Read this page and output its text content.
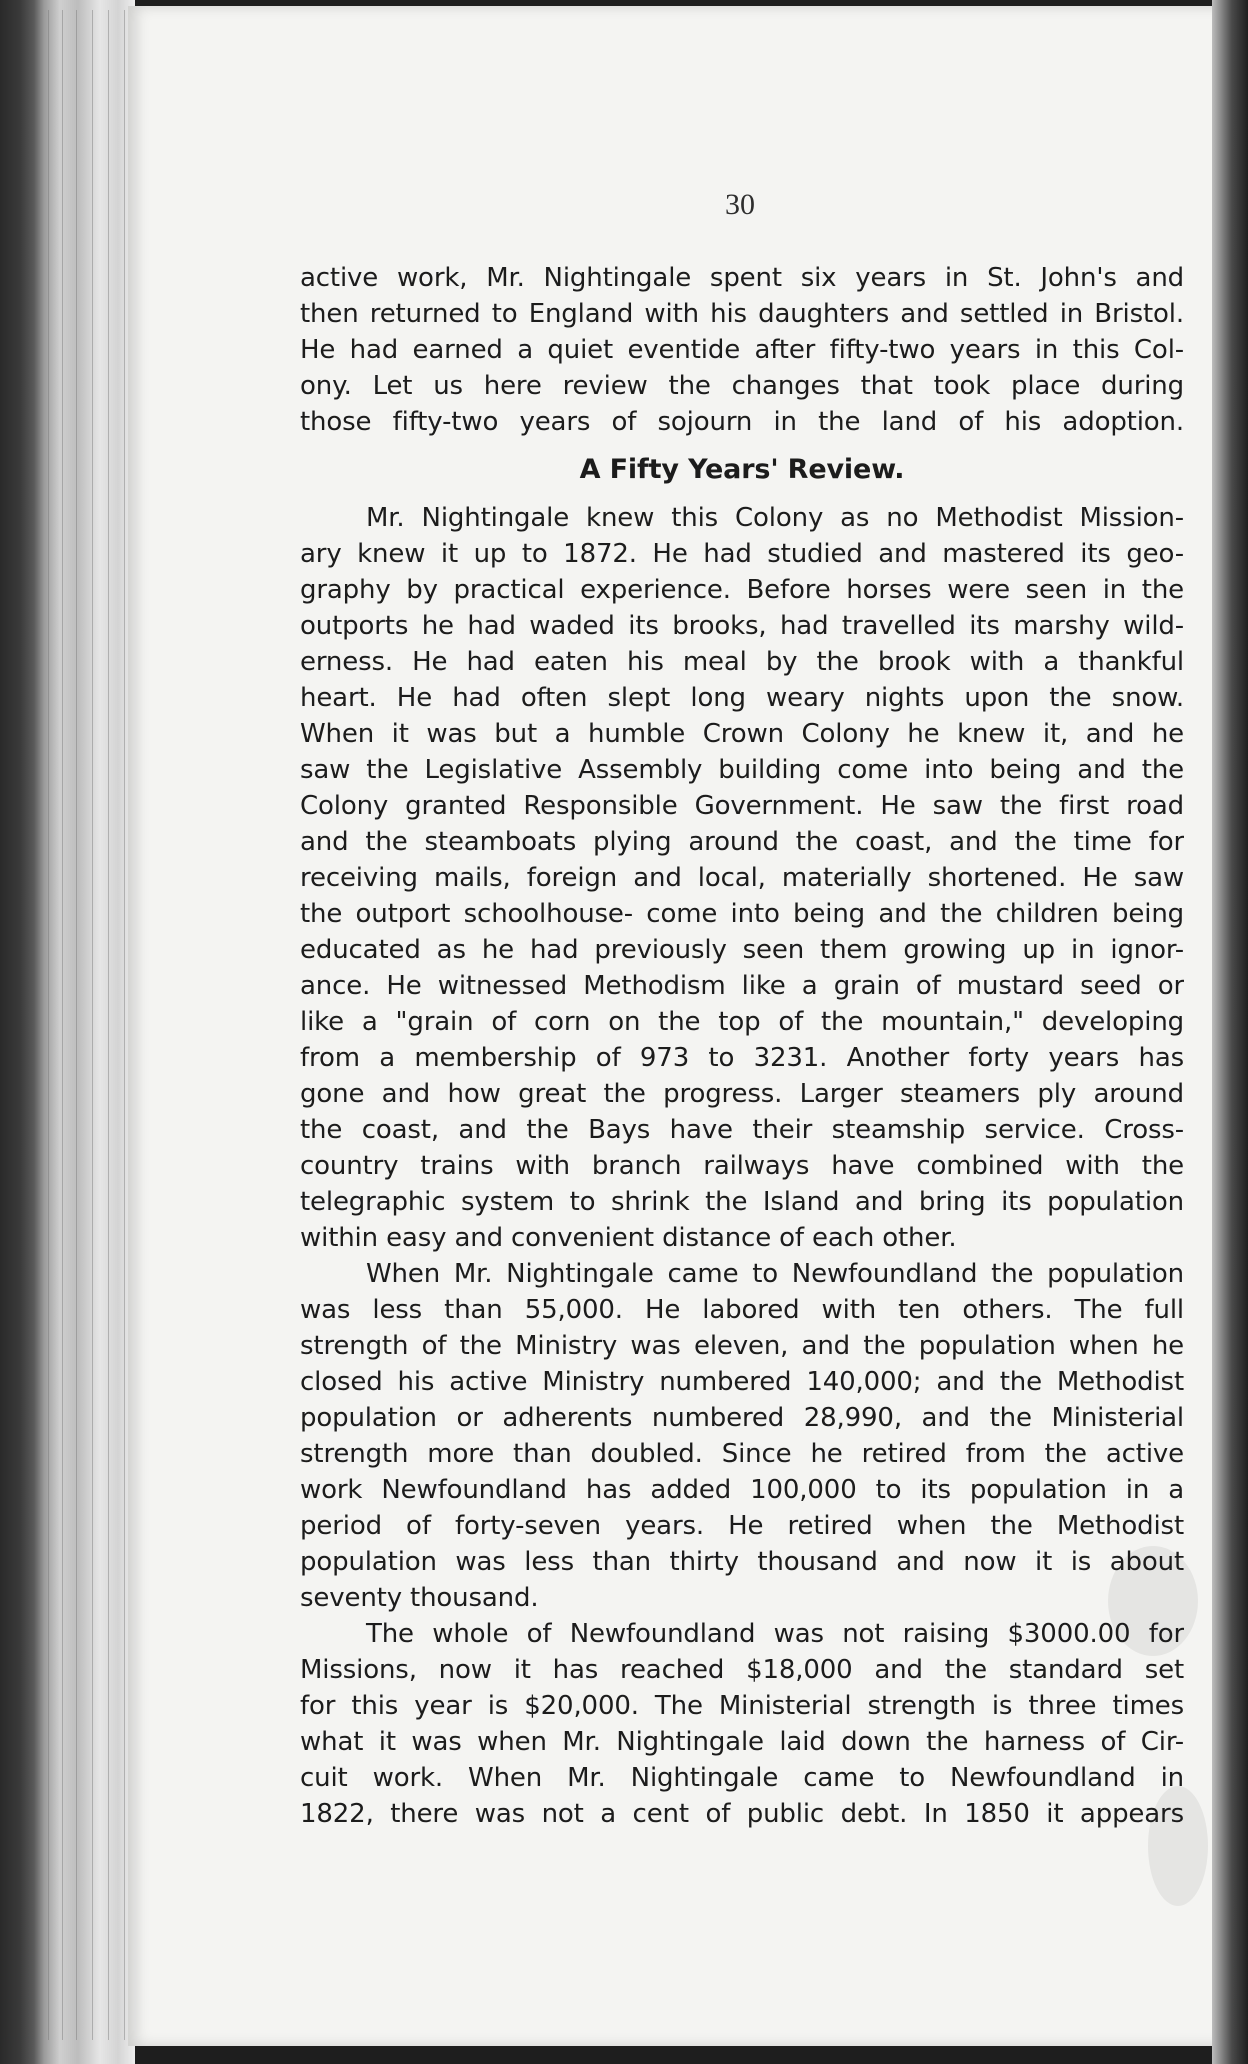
30
active work, Mr. Nightingale spent six years in St. John's and
then returned to England with his daughters and settled in Bristol.
He had earned a quiet eventide after fifty-two years in this Col-
ony. Let us here review the changes that took place during
those fifty-two years of sojourn in the land of his adoption.
A Fifty Years' Review.
Mr. Nightingale knew this Colony as no Methodist Mission-
ary knew it up to 1872. He had studied and mastered its geo-
graphy by practical experience. Before horses were seen in the
outports he had waded its brooks, had travelled its marshy wild-
erness. He had eaten his meal by the brook with a thankful
heart. He had often slept long weary nights upon the snow.
When it was but a humble Crown Colony he knew it, and he
saw the Legislative Assembly building come into being and the
Colony granted Responsible Government. He saw the first road
and the steamboats plying around the coast, and the time for
receiving mails, foreign and local, materially shortened. He saw
the outport schoolhouse- come into being and the children being
educated as he had previously seen them growing up in ignor-
ance. He witnessed Methodism like a grain of mustard seed or
like a "grain of corn on the top of the mountain," developing
from a membership of 973 to 3231. Another forty years has
gone and how great the progress. Larger steamers ply around
the coast, and the Bays have their steamship service. Cross-
country trains with branch railways have combined with the
telegraphic system to shrink the Island and bring its population
within easy and convenient distance of each other.
When Mr. Nightingale came to Newfoundland the population
was less than 55,000. He labored with ten others. The full
strength of the Ministry was eleven, and the population when he
closed his active Ministry numbered 140,000; and the Methodist
population or adherents numbered 28,990, and the Ministerial
strength more than doubled. Since he retired from the active
work Newfoundland has added 100,000 to its population in a
period of forty-seven years. He retired when the Methodist
population was less than thirty thousand and now it is about
seventy thousand.
The whole of Newfoundland was not raising $3000.00 for
Missions, now it has reached $18,000 and the standard set
for this year is $20,000. The Ministerial strength is three times
what it was when Mr. Nightingale laid down the harness of Cir-
cuit work. When Mr. Nightingale came to Newfoundland in
1822, there was not a cent of public debt. In 1850 it appears
